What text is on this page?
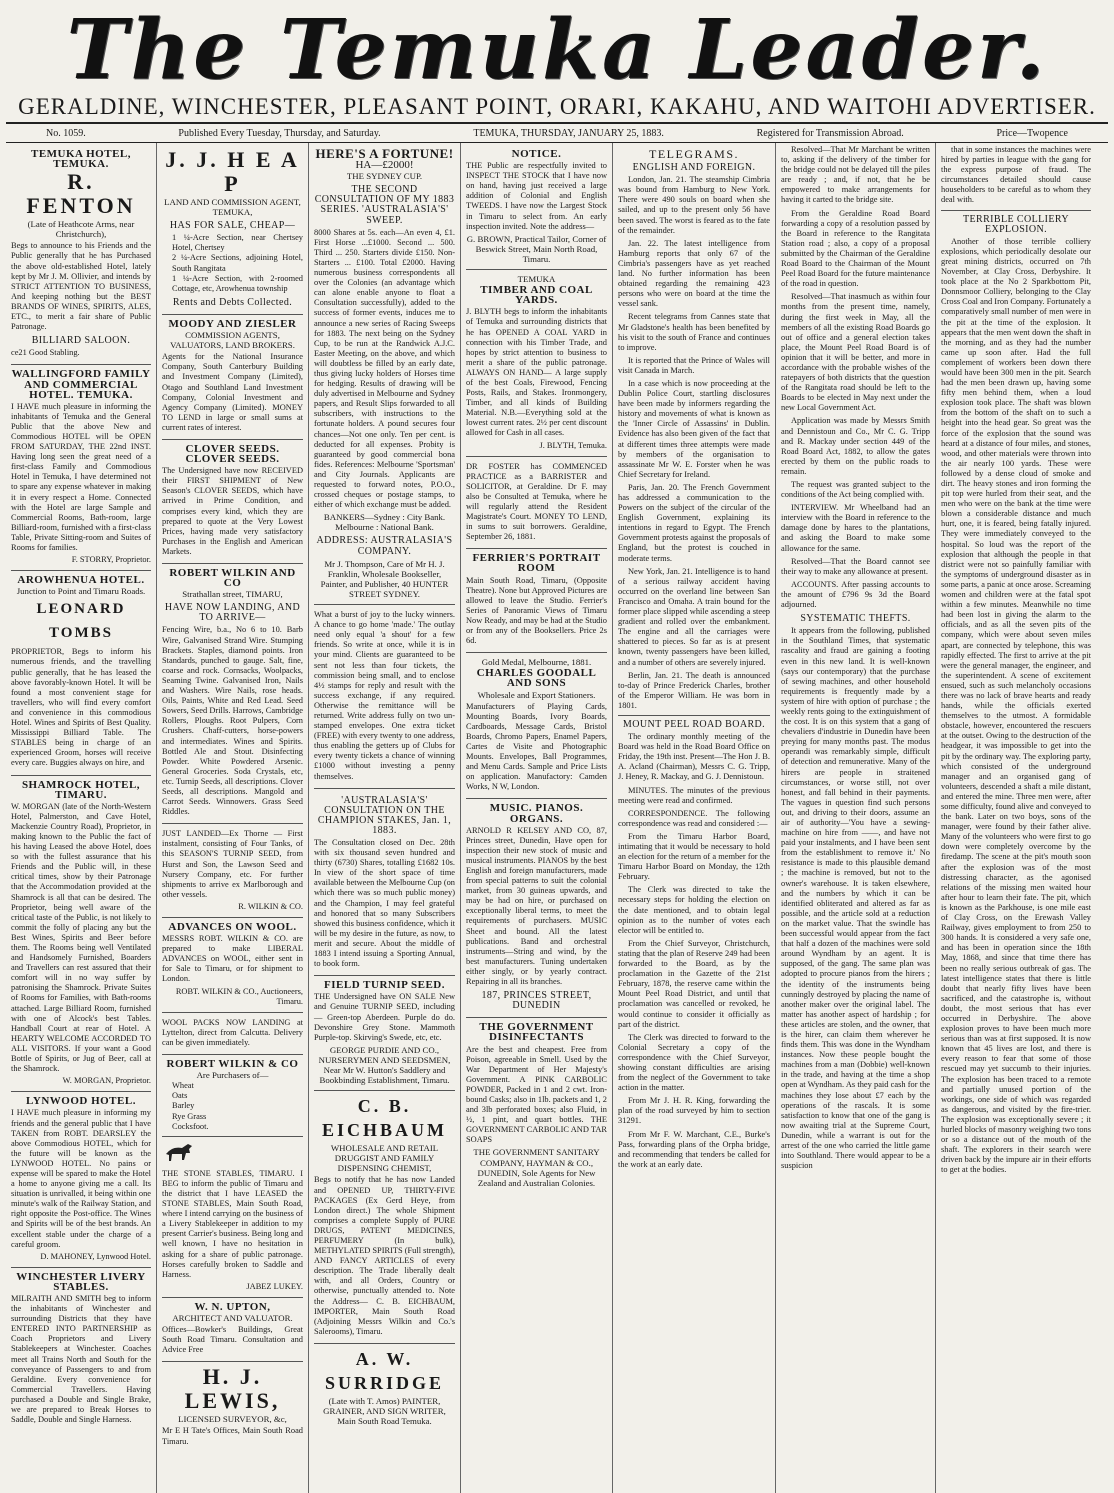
The Temuka Leader.
GERALDINE, WINCHESTER, PLEASANT POINT, ORARI, KAKAHU, AND WAITOHI ADVERTISER.
No. 1059.	Published Every Tuesday, Thursday, and Saturday.	TEMUKA, THURSDAY, JANUARY 25, 1883.	Registered for Transmission Abroad.	Price—Twopence
TEMUKA HOTEL, TEMUKA.
R. FENTON
(Late of Heathcote Arms, near Christchurch),

Begs to announce to his Friends and the Public generally that he has Purchased the above old-established Hotel, lately kept by Mr J. M. Ollivier, and intends by STRICT ATTENTION TO BUSINESS, And keeping nothing but the BEST BRANDS OF WINES, SPIRITS, ALES, ETC., to merit a fair share of Public Patronage.

BILLIARD SALOON.

ce21 Good Stabling.

WALLINGFORD FAMILY AND COMMERCIAL HOTEL. TEMUKA.

I HAVE much pleasure in informing the inhabitants of Temuka and the General Public that the above New and Commodious HOTEL will be OPEN FROM SATURDAY, THE 22nd INST. Having long seen the great need of a first-class Family and Commodious Hotel in Temuka, I have determined not to spare any expense whatever in making it in every respect a Home. Connected with the Hotel are large Sample and Commercial Rooms, Bath-room, large Billiard-room, furnished with a first-class Table, Private Sitting-room and Suites of Rooms for families.

F. STORRY, Proprietor.
AROWHENUA HOTEL.
Junction to Point and Timaru Roads.
LEONARD TOMBS

PROPRIETOR, Begs to inform his numerous friends, and the travelling public generally, that he has leased the above favorably-known Hotel. It will be found a most convenient stage for travellers, who will find every comfort and convenience in this commodious Hotel. Wines and Spirits of Best Quality. Mississippi Billiard Table. The STABLES being in charge of an experienced Groom, horses will receive every care. Buggies always on hire, and

SHAMROCK HOTEL, TIMARU.

W. MORGAN (late of the North-Western Hotel, Palmerston, and Cave Hotel, Mackenzie Country Road), Proprietor, in making known to the Public the fact of his having Leased the above Hotel, does so with the fullest assurance that his Friends and the Public will, in these critical times, show by their Patronage that the Accommodation provided at the Shamrock is all that can be desired. The Proprietor, being well aware of the critical taste of the Public, is not likely to commit the folly of placing any but the Best Wines, Spirits and Beer before them. The Rooms being well Ventilated and Handsomely Furnished, Boarders and Travellers can rest assured that their comfort will in no way suffer by patronising the Shamrock. Private Suites of Rooms for Families, with Bath-rooms attached. Large Billiard Room, furnished with one of Alcock's best Tables. Handball Court at rear of Hotel. A HEARTY WELCOME ACCORDED TO ALL VISITORS. If your want a Good Bottle of Spirits, or Jug of Beer, call at the Shamrock.

W. MORGAN, Proprietor.
LYNWOOD HOTEL.

I HAVE much pleasure in informing my friends and the general public that I have TAKEN from ROBT. DEARSLEY the above Commodious HOTEL, which for the future will be known as the LYNWOOD HOTEL. No pains or expense will be spared to make the Hotel a home to anyone giving me a call. Its situation is unrivalled, it being within one minute's walk of the Railway Station, and right opposite the Post-office. The Wines and Spirits will be of the best brands. An excellent stable under the charge of a careful groom.

D. MAHONEY, Lynwood Hotel.
WINCHESTER LIVERY STABLES.

MILRAITH AND SMITH beg to inform the inhabitants of Winchester and surrounding Districts that they have ENTERED INTO PARTNERSHIP as Coach Proprietors and Livery Stablekeepers at Winchester. Coaches meet all Trains North and South for the conveyance of Passengers to and from Geraldine. Every convenience for Commercial Travellers. Having purchased a Double and Single Brake, we are prepared to Break Horses to Saddle, Double and Single Harness.

J. J. H E A P
LAND AND COMMISSION AGENT, TEMUKA,
HAS FOR SALE, CHEAP—
1 ¼-Acre Section, near Chertsey Hotel, Chertsey
2 ¼-Acre Sections, adjoining Hotel, South Rangitata
1 ¼-Acre Section, with 2-roomed Cottage, etc, Arowhenua township
Rents and Debts Collected.
MOODY AND ZIESLER
COMMISSION AGENTS, VALUATORS, LAND BROKERS.

Agents for the National Insurance Company, South Canterbury Building and Investment Company (Limited), Otago and Southland Land Investment Company, Colonial Investment and Agency Company (Limited). MONEY TO LEND in large or small sums at current rates of interest.

CLOVER SEEDS. CLOVER SEEDS.

The Undersigned have now RECEIVED their FIRST SHIPMENT of New Season's CLOVER SEEDS, which have arrived in Prime Condition, and comprises every kind, which they are prepared to quote at the Very Lowest Prices, having made very satisfactory Purchases in the English and American Markets.

ROBERT WILKIN AND CO
Strathallan street, TIMARU,
HAVE NOW LANDING, AND TO ARRIVE—

Fencing Wire, b.a., No 6 to 10. Barb Wire, Galvanised Strand Wire. Stumping Brackets. Staples, diamond points. Iron Standards, punched to gauge. Salt, fine, coarse and rock. Cornsacks, Woolpacks, Seaming Twine. Galvanised Iron, Nails and Washers. Wire Nails, rose heads. Oils, Paints, White and Red Lead. Seed Sowers, Seed Drills. Harrows, Cambridge Rollers, Ploughs. Root Pulpers, Corn Crushers. Chaff-cutters, horse-powers and intermediates. Wines and Spirits. Bottled Ale and Stout. Disinfecting Powder. White Powdered Arsenic. General Groceries. Soda Crystals, etc, etc. Turnip Seeds, all descriptions. Clover Seeds, all descriptions. Mangold and Carrot Seeds. Winnowers. Grass Seed Riddles.

JUST LANDED—Ex Thorne — First instalment, consisting of Four Tanks, of this SEASON'S TURNIP SEED, from Hurst and Son, the Lawson Seed and Nursery Company, etc. For further shipments to arrive ex Marlborough and other vessels.

R. WILKIN & CO.
ADVANCES ON WOOL.

MESSRS ROBT. WILKIN & CO. are prepared to make LIBERAL ADVANCES on WOOL, either sent in for Sale to Timaru, or for shipment to London.

ROBT. WILKIN & CO., Auctioneers, Timaru.

WOOL PACKS NOW LANDING at Lyttelton, direct from Calcutta. Delivery can be given immediately.

ROBERT WILKIN & CO
Are Purchasers of—
Wheat
Oats
Barley
Rye Grass
Cocksfoot.

THE STONE STABLES, TIMARU. I BEG to inform the public of Timaru and the district that I have LEASED the STONE STABLES, Main South Road, where I intend carrying on the business of a Livery Stablekeeper in addition to my present Carrier's business. Being long and well known, I have no hesitation in asking for a share of public patronage. Horses carefully broken to Saddle and Harness.

JABEZ LUKEY.
W. N. UPTON,
ARCHITECT AND VALUATOR.

Offices—Bowker's Buildings, Great South Road Timaru. Consultation and Advice Free

H. J. LEWIS,
LICENSED SURVEYOR, &c,

Mr E H Tate's Offices, Main South Road Timaru.

HERE'S A FORTUNE!
HA—£2000!
THE SYDNEY CUP.
THE SECOND CONSULTATION OF MY 1883 SERIES. 'AUSTRALASIA'S' SWEEP.

8000 Shares at 5s. each—An even 4, £1. First Horse ...£1000. Second ... 500. Third ... 250. Starters divide £150. Non-Starters ... £100. Total £2000. Having numerous business correspondents all over the Colonies (an advantage which can alone enable anyone to float a Consultation successfully), added to the success of former events, induces me to announce a new series of Racing Sweeps for 1883. The next being on the Sydney Cup, to be run at the Randwick A.J.C. Easter Meeting, on the above, and which will doubtless be filled by an early date, thus giving lucky holders of Horses time for hedging. Results of drawing will be duly advertised in Melbourne and Sydney papers, and Result Slips forwarded to all subscribers, with instructions to the fortunate holders. A pound secures four chances—Not one only. Ten per cent. is deducted for all expenses. Probity is guaranteed by good commercial bona fides. References: Melbourne 'Sportsman' and City Journals. Applicants are requested to forward notes, P.O.O., crossed cheques or postage stamps, to either of which exchange must be added.

BANKERS—Sydney : City Bank. Melbourne : National Bank.
ADDRESS: AUSTRALASIA'S COMPANY.
Mr J. Thompson, Care of Mr H. J. Franklin, Wholesale Bookseller, Painter, and Publisher, 40 HUNTER STREET SYDNEY.

What a burst of joy to the lucky winners. A chance to go home 'made.' The outlay need only equal 'a shout' for a few friends. So write at once, while it is in your mind. Clients are guaranteed to be sent not less than four tickets, the commission being small, and to enclose 4½ stamps for reply and result with the success exchange, if any required. Otherwise the remittance will be returned. Write address fully on two un-stamped envelopes. One extra ticket (FREE) with every twenty to one address, thus enabling the getters up of Clubs for every twenty tickets a chance of winning £1000 without investing a penny themselves.

'AUSTRALASIA'S' CONSULTATION ON THE CHAMPION STAKES, Jan. 1, 1883.

The Consultation closed on Dec. 28th with six thousand seven hundred and thirty (6730) Shares, totalling £1682 10s. In view of the short space of time available between the Melbourne Cup (on which there was so much public money) and the Champion, I may feel grateful and honored that so many Subscribers showed this business confidence, which it will be my desire in the future, as now, to merit and secure. About the middle of 1883 I intend issuing a Sporting Annual, to book form.

FIELD TURNIP SEED.

THE Undersigned have ON SALE New and Genuine TURNIP SEED, including— Green-top Aberdeen. Purple do do. Devonshire Grey Stone. Mammoth Purple-top. Skirving's Swede, etc, etc.

GEORGE PURDIE AND CO., NURSERYMEN AND SEEDSMEN, Near Mr W. Hutton's Saddlery and Bookbinding Establishment, Timaru.
C. B. EICHBAUM
WHOLESALE AND RETAIL DRUGGIST AND FAMILY DISPENSING CHEMIST,

Begs to notify that he has now Landed and OPENED UP, THIRTY-FIVE PACKAGES (Ex Gerd Heye, from London direct.) The whole Shipment comprises a complete Supply of PURE DRUGS, PATENT MEDICINES, PERFUMERY (In bulk), METHYLATED SPIRITS (Full strength), AND FANCY ARTICLES of every description. The Trade liberally dealt with, and all Orders, Country or otherwise, punctually attended to. Note the Address— C. B. EICHBAUM, IMPORTER, Main South Road (Adjoining Messrs Wilkin and Co.'s Salerooms), Timaru.

A. W. SURRIDGE
(Late with T. Amos) PAINTER, GRAINER, AND SIGN WRITER, Main South Road Temuka.
NOTICE.

THE Public are respectfully invited to INSPECT THE STOCK that I have now on hand, having just received a large addition of Colonial and English TWEEDS. I have now the Largest Stock in Timaru to select from. An early inspection invited. Note the address—

G. BROWN, Practical Tailor, Corner of Beswick Street, Main North Road, Timaru.
TEMUKA
TIMBER AND COAL YARDS.

J. BLYTH begs to inform the inhabitants of Temuka and surrounding districts that he has OPENED A COAL YARD in connection with his Timber Trade, and hopes by strict attention to business to merit a share of the public patronage. ALWAYS ON HAND— A large supply of the best Coals, Firewood, Fencing Posts, Rails, and Stakes. Ironmongery, Timber, and all kinds of Building Material. N.B.—Everything sold at the lowest current rates. 2½ per cent discount allowed for Cash in all cases.

J. BLYTH, Temuka.

DR FOSTER has COMMENCED PRACTICE as a BARRISTER and SOLICITOR, at Geraldine. Dr F. may also be Consulted at Temuka, where he will regularly attend the Resident Magistrate's Court. MONEY TO LEND, in sums to suit borrowers. Geraldine, September 26, 1881.

FERRIER'S PORTRAIT ROOM

Main South Road, Timaru, (Opposite Theatre). None but Approved Pictures are allowed to leave the Studio. Ferrier's Series of Panoramic Views of Timaru Now Ready, and may be had at the Studio or from any of the Booksellers. Price 2s 6d.

Gold Medal, Melbourne, 1881.
CHARLES GOODALL AND SONS
Wholesale and Export Stationers.

Manufacturers of Playing Cards, Mounting Boards, Ivory Boards, Cardboards, Message Cards, Bristol Boards, Chromo Papers, Enamel Papers, Cartes de Visite and Photographic Mounts. Envelopes, Ball Programmes, and Menu Cards. Sample and Price Lists on application. Manufactory: Camden Works, N W, London.

MUSIC. PIANOS. ORGANS.

ARNOLD R KELSEY AND CO, 87, Princes street, Dunedin, Have open for inspection their new stock of music and musical instruments. PIANOS by the best English and foreign manufacturers, made from special patterns to suit the colonial market, from 30 guineas upwards, and may be had on hire, or purchased on exceptionally liberal terms, to meet the requirements of purchasers. MUSIC Sheet and bound. All the latest publications. Band and orchestral instruments—String and wind, by the best manufacturers. Tuning undertaken either singly, or by yearly contract. Repairing in all its branches.

187, PRINCES STREET, DUNEDIN
THE GOVERNMENT DISINFECTANTS

Are the best and cheapest. Free from Poison, agreeable in Smell. Used by the War Department of Her Majesty's Government. A PINK CARBOLIC POWDER, Packed in 1 and 2 cwt. Iron-bound Casks; also in 1lb. packets and 1, 2 and 3lb perforated boxes; also Fluid, in ½, 1 pint, and quart bottles. THE GOVERNMENT CARBOLIC AND TAR SOAPS

THE GOVERNMENT SANITARY COMPANY, HAYMAN & CO., DUNEDIN, Sole Agents for New Zealand and Australian Colonies.
TELEGRAMS.
ENGLISH AND FOREIGN.

London, Jan. 21. The steamship Cimbria was bound from Hamburg to New York. There were 490 souls on board when she sailed, and up to the present only 56 have been saved. The worst is feared as to the fate of the remainder.

Jan. 22. The latest intelligence from Hamburg reports that only 67 of the Cimbria's passengers have as yet reached land. No further information has been obtained regarding the remaining 423 persons who were on board at the time the vessel sank.

Recent telegrams from Cannes state that Mr Gladstone's health has been benefited by his visit to the south of France and continues to improve.

It is reported that the Prince of Wales will visit Canada in March.

In a case which is now proceeding at the Dublin Police Court, startling disclosures have been made by informers regarding the history and movements of what is known as the 'Inner Circle of Assassins' in Dublin. Evidence has also been given of the fact that at different times three attempts were made by members of the organisation to assassinate Mr W. E. Forster when he was Chief Secretary for Ireland.

Paris, Jan. 20. The French Government has addressed a communication to the Powers on the subject of the circular of the English Government, explaining its intentions in regard to Egypt. The French Government protests against the proposals of England, but the protest is couched in moderate terms.

New York, Jan. 21. Intelligence is to hand of a serious railway accident having occurred on the overland line between San Francisco and Omaha. A train bound for the former place slipped while ascending a steep gradient and rolled over the embankment. The engine and all the carriages were shattered to pieces. So far as is at present known, twenty passengers have been killed, and a number of others are severely injured.

Berlin, Jan. 21. The death is announced to-day of Prince Frederick Charles, brother of the Emperor William. He was born in 1801.

MOUNT PEEL ROAD BOARD.

The ordinary monthly meeting of the Board was held in the Road Board Office on Friday, the 19th inst. Present—The Hon J. B. A. Acland (Chairman), Messrs C. G. Tripp, J. Heney, R. Mackay, and G. J. Dennistoun.

MINUTES. The minutes of the previous meeting were read and confirmed.

CORRESPONDENCE. The following correspondence was read and considered :—

From the Timaru Harbor Board, intimating that it would be necessary to hold an election for the return of a member for the Timaru Harbor Board on Monday, the 12th February.

The Clerk was directed to take the necessary steps for holding the election on the date mentioned, and to obtain legal opinion as to the number of votes each elector will be entitled to.

From the Chief Surveyor, Christchurch, stating that the plan of Reserve 249 had been forwarded to the Board, as by the proclamation in the Gazette of the 21st February, 1878, the reserve came within the Mount Peel Road District, and until that proclamation was cancelled or revoked, he would continue to consider it officially as part of the district.

The Clerk was directed to forward to the Colonial Secretary a copy of the correspondence with the Chief Surveyor, showing constant difficulties are arising from the neglect of the Government to take action in the matter.

From Mr J. H. R. King, forwarding the plan of the road surveyed by him to section 31291.

From Mr F. W. Marchant, C.E., Burke's Pass, forwarding plans of the Orpha bridge, and recommending that tenders be called for the work at an early date.

Resolved—That Mr Marchant be written to, asking if the delivery of the timber for the bridge could not be delayed till the piles are ready ; and, if not, that he be empowered to make arrangements for having it carted to the bridge site.

From the Geraldine Road Board forwarding a copy of a resolution passed by the Board in reference to the Rangitata Station road ; also, a copy of a proposal submitted by the Chairman of the Geraldine Road Board to the Chairman of the Mount Peel Road Board for the future maintenance of the road in question.

Resolved—That inasmuch as within four months from the present time, namely, during the first week in May, all the members of all the existing Road Boards go out of office and a general election takes place, the Mount Peel Road Board is of opinion that it will be better, and more in accordance with the probable wishes of the ratepayers of both districts that the question of the Rangitata road should be left to the Boards to be elected in May next under the new Local Government Act.

Application was made by Messrs Smith and Dennistoun and Co., Mr C. G. Tripp and R. Mackay under section 449 of the Road Board Act, 1882, to allow the gates erected by them on the public roads to remain.

The request was granted subject to the conditions of the Act being complied with.

INTERVIEW. Mr Wheelband had an interview with the Board in reference to the damage done by hares to the plantations, and asking the Board to make some allowance for the same.

Resolved—That the Board cannot see their way to make any allowance at present.

ACCOUNTS. After passing accounts to the amount of £796 9s 3d the Board adjourned.

SYSTEMATIC THEFTS.

It appears from the following, published in the Southland Times, that systematic rascality and fraud are gaining a footing even in this new land. It is well-known (says our contemporary) that the purchase of sewing machines, and other household requirements is frequently made by a system of hire with option of purchase ; the weekly rents going to the extinguishment of the cost. It is on this system that a gang of chevaliers d'industrie in Dunedin have been preying for many months past. The modus operandi was remarkably simple, difficult of detection and remunerative. Many of the hirers are people in straitened circumstances, or worse still, not over honest, and fall behind in their payments. The vagues in question find such persons out, and driving to their doors, assume an air of authority—'You have a sewing-machine on hire from ——, and have not paid your instalments, and I have been sent from the establishment to remove it.' No resistance is made to this plausible demand ; the machine is removed, but not to the owner's warehouse. It is taken elsewhere, and the numbers by which it can be identified obliterated and altered as far as possible, and the article sold at a reduction on the market value. That the swindle has been successful would appear from the fact that half a dozen of the machines were sold around Wyndham by an agent. It is supposed, of the gang. The same plan was adopted to procure pianos from the hirers ; the identity of the instruments being cunningly destroyed by placing the name of another maker over the original label. The matter has another aspect of hardship ; for these articles are stolen, and the owner, that is the hirer, can claim them wherever he finds them. This was done in the Wyndham instances. Now these people bought the machines from a man (Dobbie) well-known in the trade, and having at the time a shop open at Wyndham. As they paid cash for the machines they lose about £7 each by the operations of the rascals. It is some satisfaction to know that one of the gang is now awaiting trial at the Supreme Court, Dunedin, while a warrant is out for the arrest of the one who carried the little game into Southland. There would appear to be a suspicion

that in some instances the machines were hired by parties in league with the gang for the express purpose of fraud. The circumstances detailed should cause householders to be careful as to whom they deal with.

TERRIBLE COLLIERY EXPLOSION.

Another of those terrible colliery explosions, which periodically desolate our great mining districts, occurred on 7th November, at Clay Cross, Derbyshire. It took place at the No 2 Sparkbottom Pit, Donnsmoor Colliery, belonging to the Clay Cross Coal and Iron Company. Fortunately a comparatively small number of men were in the pit at the time of the explosion. It appears that the men went down the shaft in the morning, and as they had the number came up soon after. Had the full complement of workers been down there would have been 300 men in the pit. Search had the men been drawn up, having some fifty men behind them, when a loud explosion took place. The shaft was blown from the bottom of the shaft on to such a height into the head gear. So great was the force of the explosion that the sound was heard at a distance of four miles, and stones, wood, and other materials were thrown into the air nearly 100 yards. These were followed by a dense cloud of smoke and dirt. The heavy stones and iron forming the pit top were hurled from their seat, and the men who were on the bank at the time were blown a considerable distance and much hurt, one, it is feared, being fatally injured. They were immediately conveyed to the hospital. So loud was the report of the explosion that although the people in that district were not so painfully familiar with the symptoms of underground disaster as in some parts, a panic at once arose. Screaming women and children were at the fatal spot within a few minutes. Meanwhile no time had been lost in giving the alarm to the officials, and as all the seven pits of the company, which were about seven miles apart, are connected by telephone, this was rapidly effected. The first to arrive at the pit were the general manager, the engineer, and the superintendent. A scene of excitement ensued, such as such melancholy occasions there was no lack of brave hearts and ready hands, while the officials exerted themselves to the utmost. A formidable obstacle, however, encountered the rescuers at the outset. Owing to the destruction of the headgear, it was impossible to get into the pit by the ordinary way. The exploring party, which consisted of the underground manager and an organised gang of volunteers, descended a shaft a mile distant, and entered the mine. Three men were, after some difficulty, found alive and conveyed to the bank. Later on two boys, sons of the manager, were found by their father alive. Many of the volunteers who were first to go down were completely overcome by the firedamp. The scene at the pit's mouth soon after the explosion was of the most distressing character, as the agonised relations of the missing men waited hour after hour to learn their fate. The pit, which is known as the Parkhouse, is one mile east of Clay Cross, on the Erewash Valley Railway, gives employment to from 250 to 300 hands. It is considered a very safe one, and has been in operation since the 18th May, 1868, and since that time there has been no really serious outbreak of gas. The latest intelligence states that there is little doubt that nearly fifty lives have been sacrificed, and the catastrophe is, without doubt, the most serious that has ever occurred in Derbyshire. The above explosion proves to have been much more serious than was at first supposed. It is now known that 45 lives are lost, and there is every reason to fear that some of those rescued may yet succumb to their injuries. The explosion has been traced to a remote and partially unused portion of the workings, one side of which was regarded as dangerous, and visited by the fire-trier. The explosion was exceptionally severe ; it hurled blocks of masonry weighing two tons or so a distance out of the mouth of the shaft. The explorers in their search were driven back by the impure air in their efforts to get at the bodies.
